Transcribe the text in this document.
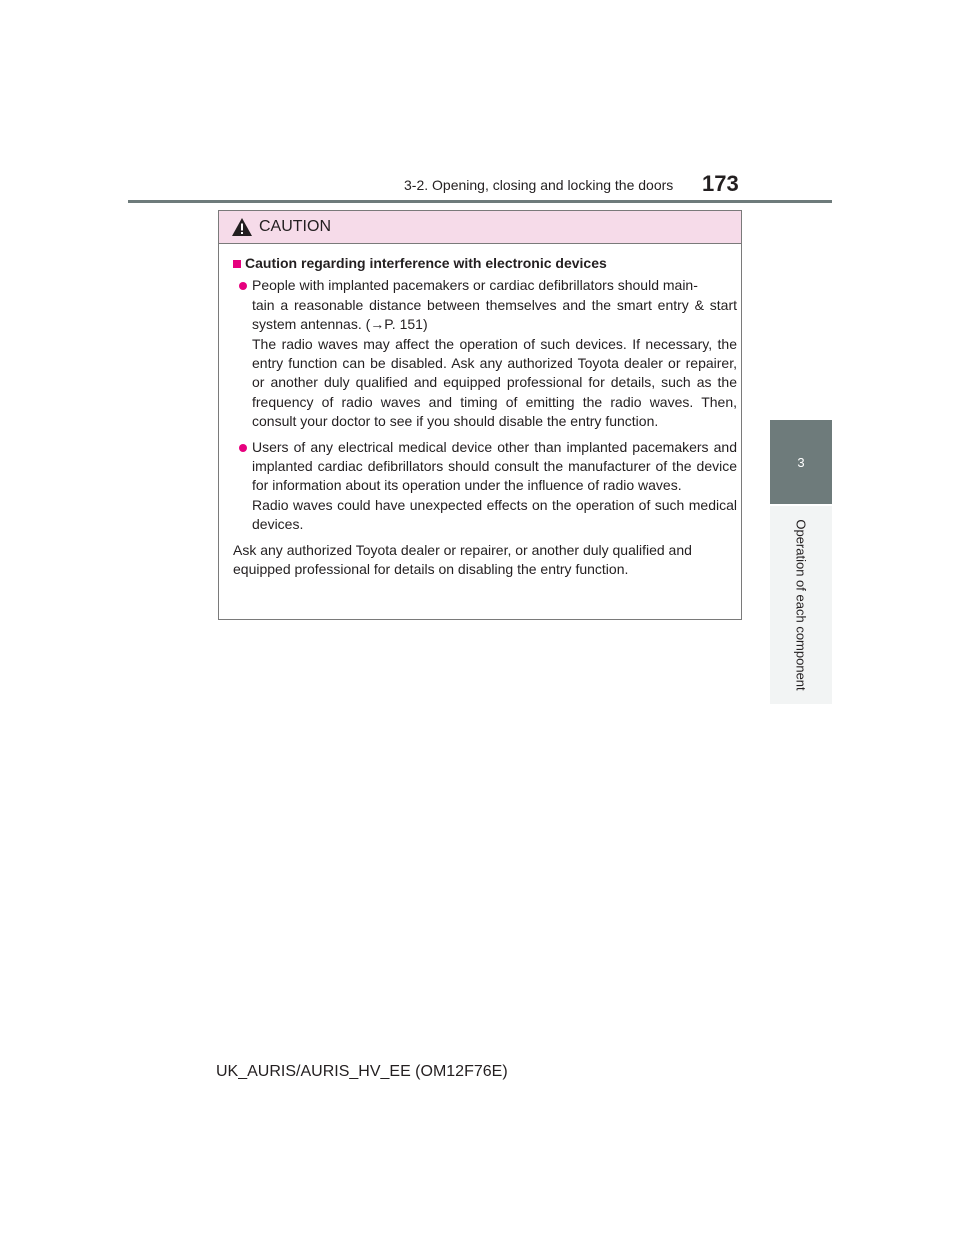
3-2. Opening, closing and locking the doors 173
3
Operation of each component
CAUTION
Caution regarding interference with electronic devices
People with implanted pacemakers or cardiac defibrillators should main-
tain a reasonable distance between themselves and the smart entry & start system antennas. (→P. 151)
The radio waves may affect the operation of such devices. If necessary, the entry function can be disabled. Ask any authorized Toyota dealer or repairer, or another duly qualified and equipped professional for details, such as the frequency of radio waves and timing of emitting the radio waves. Then, consult your doctor to see if you should disable the entry function.
Users of any electrical medical device other than implanted pacemakers and implanted cardiac defibrillators should consult the manufacturer of the device for information about its operation under the influence of radio waves.
Radio waves could have unexpected effects on the operation of such medical devices.
Ask any authorized Toyota dealer or repairer, or another duly qualified and
equipped professional for details on disabling the entry function.
UK_AURIS/AURIS_HV_EE (OM12F76E)
